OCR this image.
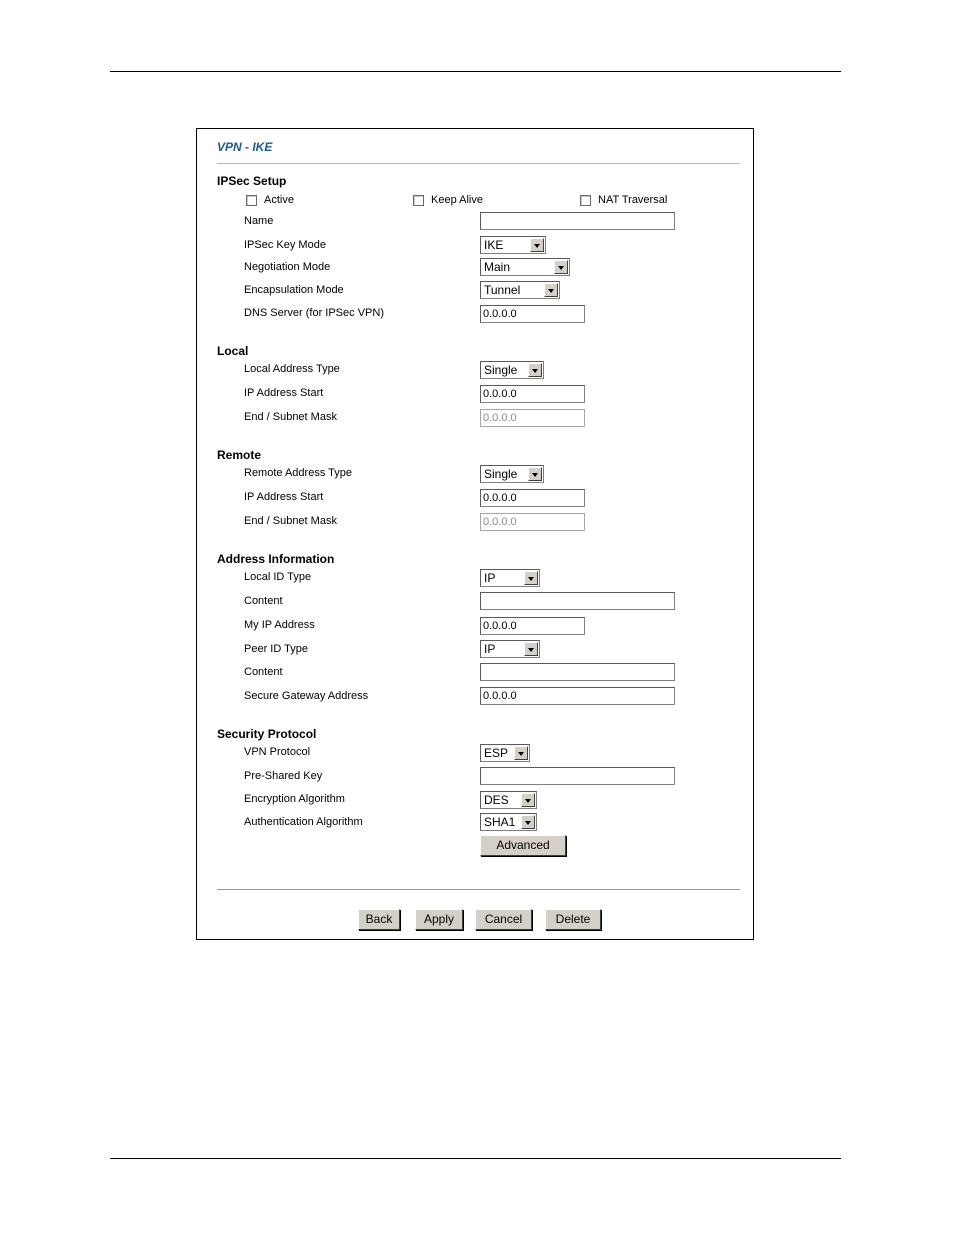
VPN - IKE
IPSec Setup
Active	Keep Alive	NAT Traversal
Name
IPSec Key Mode	IKE
Negotiation Mode	Main
Encapsulation Mode	Tunnel
DNS Server (for IPSec VPN)	0.0.0.0
Local
Local Address Type	Single
IP Address Start	0.0.0.0
End / Subnet Mask	0.0.0.0
Remote
Remote Address Type	Single
IP Address Start	0.0.0.0
End / Subnet Mask	0.0.0.0
Address Information
Local ID Type	IP
Content
My IP Address	0.0.0.0
Peer ID Type	IP
Content
Secure Gateway Address	0.0.0.0
Security Protocol
VPN Protocol	ESP
Pre-Shared Key
Encryption Algorithm	DES
Authentication Algorithm	SHA1
Advanced
Back	Apply	Cancel	Delete
